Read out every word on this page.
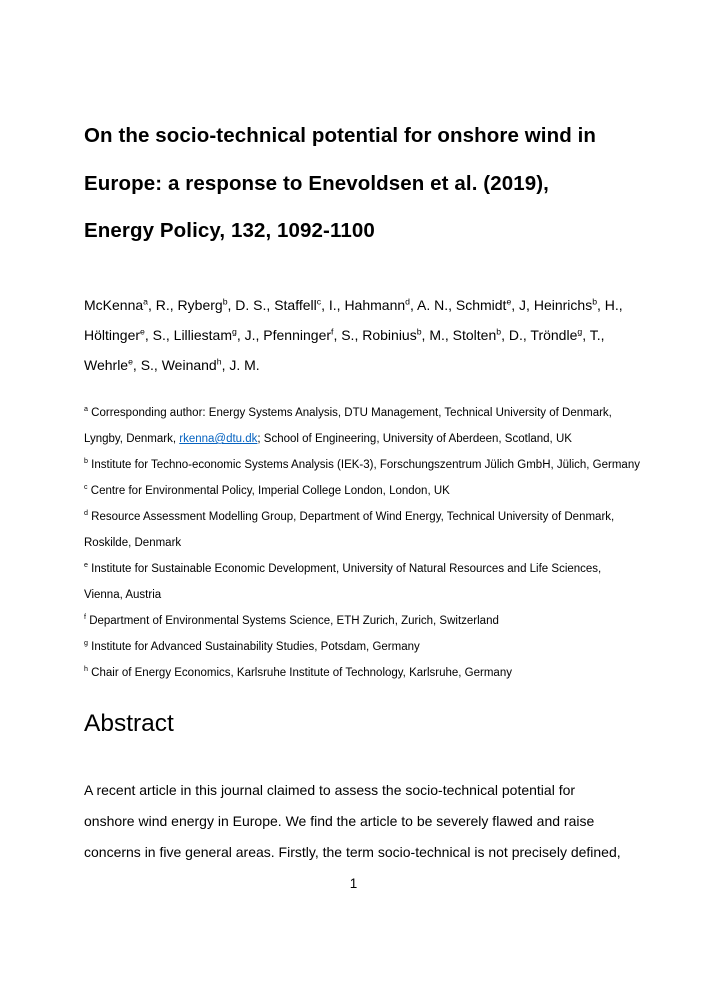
On the socio-technical potential for onshore wind in
Europe: a response to Enevoldsen et al. (2019),
Energy Policy, 132, 1092-1100

McKenna$^a$, R., Ryberg$^b$, D. S., Staffell$^c$, I., Hahmann$^d$, A. N., Schmidt$^e$, J, Heinrichs$^b$, H., Höltinger$^e$, S., Lilliestam$^g$, J., Pfenninger$^f$, S., Robinius$^b$, M., Stolten$^b$, D., Tröndle$^g$, T., Wehrle$^e$, S., Weinand$^h$, J. M.

$^a$ Corresponding author: Energy Systems Analysis, DTU Management, Technical University of Denmark, Lyngby, Denmark, rkenna@dtu.dk; School of Engineering, University of Aberdeen, Scotland, UK

$^b$ Institute for Techno-economic Systems Analysis (IEK-3), Forschungszentrum Jülich GmbH, Jülich, Germany

$^c$ Centre for Environmental Policy, Imperial College London, London, UK

$^d$ Resource Assessment Modelling Group, Department of Wind Energy, Technical University of Denmark, Roskilde, Denmark

$^e$ Institute for Sustainable Economic Development, University of Natural Resources and Life Sciences, Vienna, Austria

$^f$ Department of Environmental Systems Science, ETH Zurich, Zurich, Switzerland

$^g$ Institute for Advanced Sustainability Studies, Potsdam, Germany

$^h$ Chair of Energy Economics, Karlsruhe Institute of Technology, Karlsruhe, Germany

Abstract
A recent article in this journal claimed to assess the socio-technical potential for
onshore wind energy in Europe. We find the article to be severely flawed and raise
concerns in five general areas. Firstly, the term socio-technical is not precisely defined,
1
